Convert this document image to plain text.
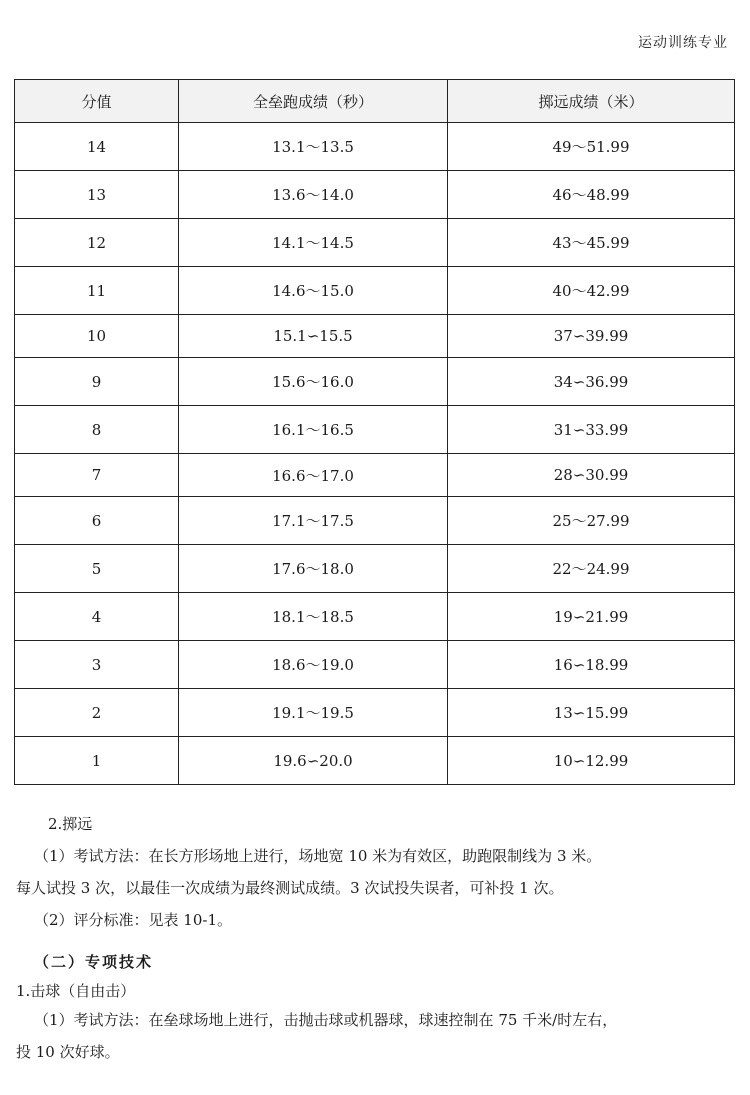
运动训练专业
分值	全垒跑成绩（秒）	掷远成绩（米）
14	13.1～13.5	49～51.99
13	13.6～14.0	46～48.99
12	14.1～14.5	43～45.99
11	14.6～15.0	40～42.99
10	15.1∽15.5	37∽39.99
9	15.6～16.0	34∽36.99
8	16.1～16.5	31∽33.99
7	16.6～17.0	28∽30.99
6	17.1～17.5	25～27.99
5	17.6～18.0	22～24.99
4	18.1～18.5	19∽21.99
3	18.6～19.0	16∽18.99
2	19.1～19.5	13∽15.99
1	19.6∽20.0	10∽12.99
2.掷远
（1）考试方法：在长方形场地上进行，场地宽 10 米为有效区，助跑限制线为 3 米。
每人试投 3 次，以最佳一次成绩为最终测试成绩。3 次试投失误者，可补投 1 次。
（2）评分标准：见表 10-1。
（二）专项技术
1.击球（自由击）
（1）考试方法：在垒球场地上进行，击抛击球或机器球，球速控制在 75 千米/时左右，
投 10 次好球。
